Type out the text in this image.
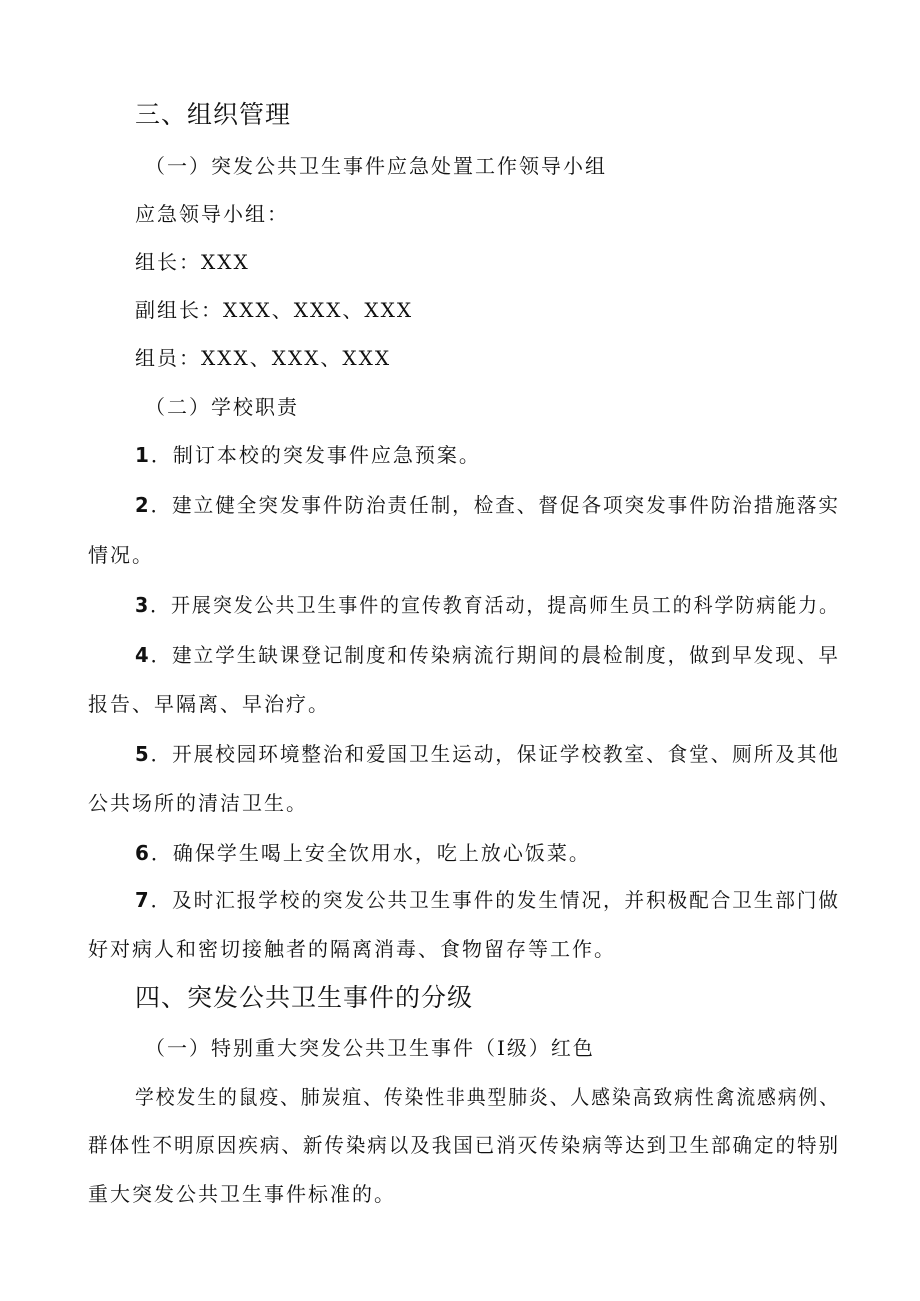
三、组织管理
（一）突发公共卫生事件应急处置工作领导小组
应急领导小组：
组长：XXX
副组长：XXX、XXX、XXX
组员：XXX、XXX、XXX
（二）学校职责
1．制订本校的突发事件应急预案。
2．建立健全突发事件防治责任制，检查、督促各项突发事件防治措施落实
情况。
3．开展突发公共卫生事件的宣传教育活动，提高师生员工的科学防病能力。
4．建立学生缺课登记制度和传染病流行期间的晨检制度，做到早发现、早
报告、早隔离、早治疗。
5．开展校园环境整治和爱国卫生运动，保证学校教室、食堂、厕所及其他
公共场所的清洁卫生。
6．确保学生喝上安全饮用水，吃上放心饭菜。
7．及时汇报学校的突发公共卫生事件的发生情况，并积极配合卫生部门做
好对病人和密切接触者的隔离消毒、食物留存等工作。
四、突发公共卫生事件的分级
（一）特别重大突发公共卫生事件（I级）红色
学校发生的鼠疫、肺炭疽、传染性非典型肺炎、人感染高致病性禽流感病例、
群体性不明原因疾病、新传染病以及我国已消灭传染病等达到卫生部确定的特别
重大突发公共卫生事件标准的。
